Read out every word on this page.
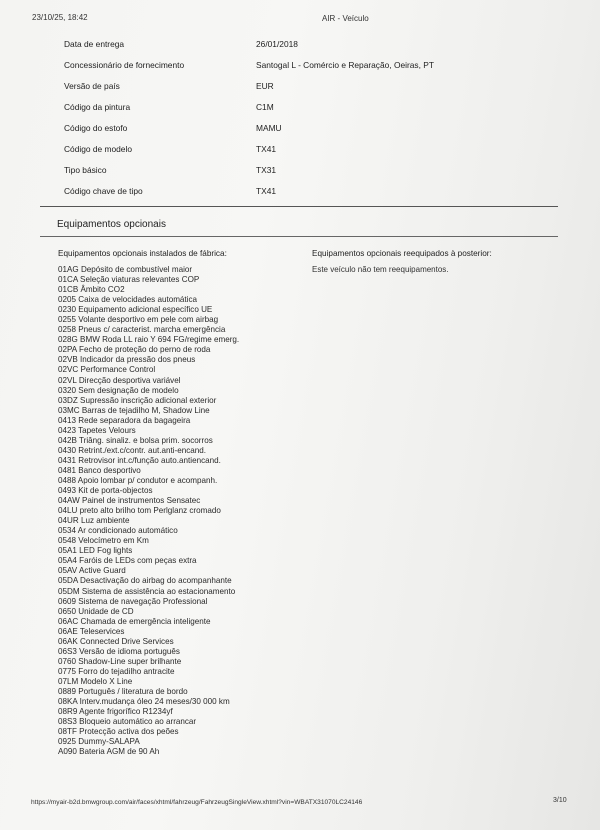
23/10/25, 18:42	AIR - Veículo
Data de entrega	26/01/2018
Concessionário de fornecimento	Santogal L - Comércio e Reparação, Oeiras, PT
Versão de país	EUR
Código da pintura	C1M
Código do estofo	MAMU
Código de modelo	TX41
Tipo básico	TX31
Código chave de tipo	TX41
Equipamentos opcionais
Equipamentos opcionais instalados de fábrica:
01AG Depósito de combustível maior
01CA Seleção viaturas relevantes COP
01CB Âmbito CO2
0205 Caixa de velocidades automática
0230 Equipamento adicional específico UE
0255 Volante desportivo em pele com airbag
0258 Pneus c/ caracterist. marcha emergência
028G BMW Roda LL raio Y 694 FG/regime emerg.
02PA Fecho de proteção do perno de roda
02VB Indicador da pressão dos pneus
02VC Performance Control
02VL Direcção desportiva variável
0320 Sem designação de modelo
03DZ Supressão inscrição adicional exterior
03MC Barras de tejadilho M, Shadow Line
0413 Rede separadora da bagageira
0423 Tapetes Velours
042B Triâng. sinaliz. e bolsa prim. socorros
0430 Retrint./ext.c/contr. aut.anti-encand.
0431 Retrovisor int.c/função auto.antiencand.
0481 Banco desportivo
0488 Apoio lombar p/ condutor e acompanh.
0493 Kit de porta-objectos
04AW Painel de instrumentos Sensatec
04LU preto alto brilho tom Perlglanz cromado
04UR Luz ambiente
0534 Ar condicionado automático
0548 Velocímetro em Km
05A1 LED Fog lights
05A4 Faróis de LEDs com peças extra
05AV Active Guard
05DA Desactivação do airbag do acompanhante
05DM Sistema de assistência ao estacionamento
0609 Sistema de navegação Professional
0650 Unidade de CD
06AC Chamada de emergência inteligente
06AE Teleservices
06AK Connected Drive Services
06S3 Versão de idioma português
0760 Shadow-Line super brilhante
0775 Forro do tejadilho antracite
07LM Modelo X Line
0889 Português / literatura de bordo
08KA Interv.mudança óleo 24 meses/30 000 km
08R9 Agente frigorífico R1234yf
08S3 Bloqueio automático ao arrancar
08TF Protecção activa dos peões
0925 Dummy-SALAPA
A090 Bateria AGM de 90 Ah
Equipamentos opcionais reequipados à posterior:
Este veículo não tem reequipamentos.
https://myair-b2d.bmwgroup.com/air/faces/xhtml/fahrzeug/FahrzeugSingleView.xhtml?vin=WBATX31070LC24146	3/10
